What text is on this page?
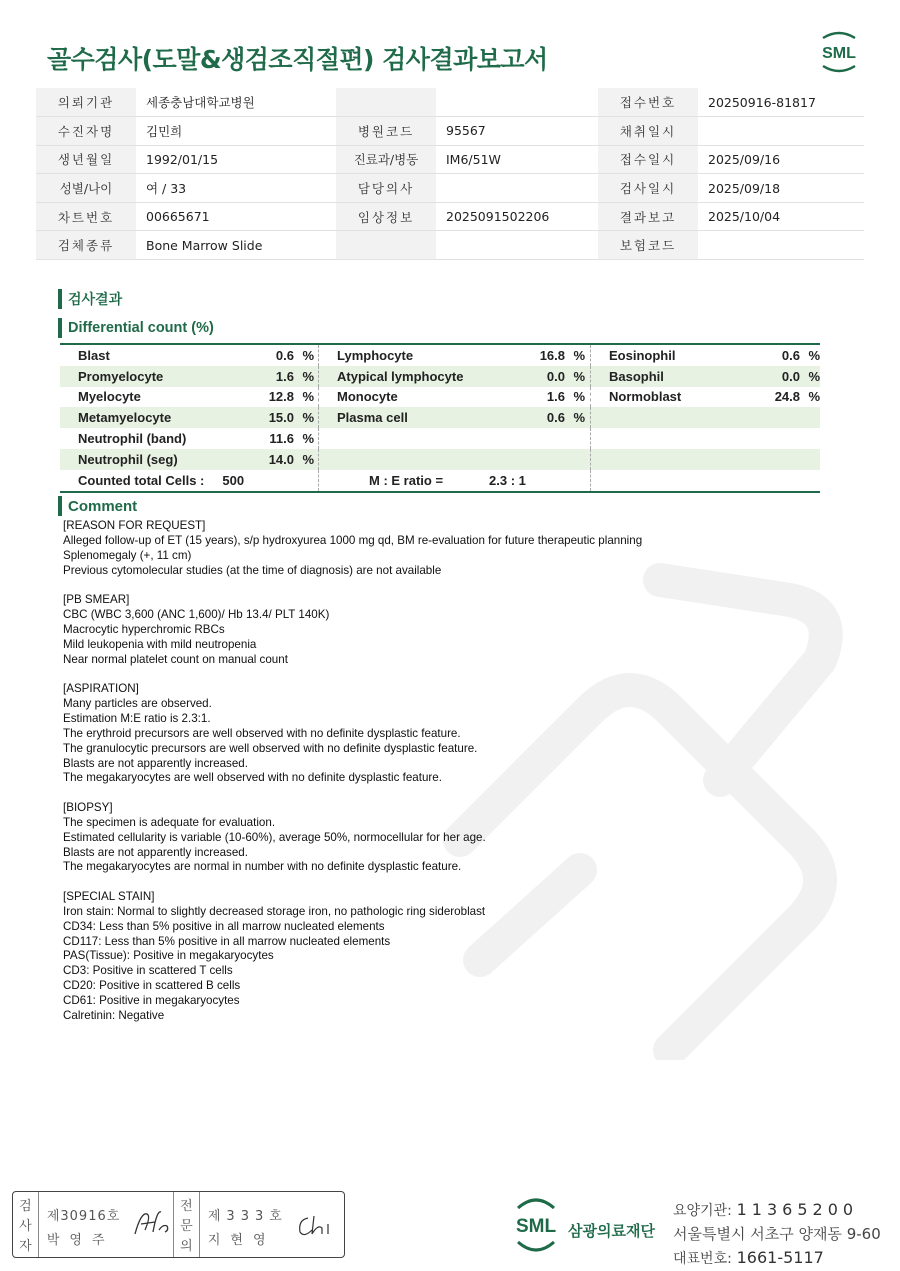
골수검사(도말&생검조직절편) 검사결과보고서	SML
의뢰기관	세종충남대학교병원			접수번호	20250916-81817
수진자명	김민희	병원코드	95567	채취일시	
생년월일	1992/01/15	진료과/병동	IM6/51W	접수일시	2025/09/16
성별/나이	여 / 33	담당의사		검사일시	2025/09/18
차트번호	00665671	임상정보	2025091502206	결과보고	2025/10/04
검체종류	Bone Marrow Slide			보험코드	
검사결과
Differential count (%)
Blast	0.6 % Lymphocyte	16.8 % Eosinophil	0.6 %
Promyelocyte	1.6 % Atypical lymphocyte	0.0 % Basophil	0.0 %
Myelocyte	12.8 % Monocyte	1.6 % Normoblast	24.8 %
Metamyelocyte	15.0 % Plasma cell	0.6 %
Neutrophil (band)	11.6 %
Neutrophil (seg)	14.0 %
Counted total Cells : 500	M : E ratio =	2.3 : 1
Comment
[REASON FOR REQUEST]
Alleged follow-up of ET (15 years), s/p hydroxyurea 1000 mg qd, BM re-evaluation for future therapeutic planning
Splenomegaly (+, 11 cm)
Previous cytomolecular studies (at the time of diagnosis) are not available
[PB SMEAR]
CBC (WBC 3,600 (ANC 1,600)/ Hb 13.4/ PLT 140K)
Macrocytic hyperchromic RBCs
Mild leukopenia with mild neutropenia
Near normal platelet count on manual count
[ASPIRATION]
Many particles are observed.
Estimation M:E ratio is 2.3:1.
The erythroid precursors are well observed with no definite dysplastic feature.
The granulocytic precursors are well observed with no definite dysplastic feature.
Blasts are not apparently increased.
The megakaryocytes are well observed with no definite dysplastic feature.
[BIOPSY]
The specimen is adequate for evaluation.
Estimated cellularity is variable (10-60%), average 50%, normocellular for her age.
Blasts are not apparently increased.
The megakaryocytes are normal in number with no definite dysplastic feature.
[SPECIAL STAIN]
Iron stain: Normal to slightly decreased storage iron, no pathologic ring sideroblast
CD34: Less than 5% positive in all marrow nucleated elements
CD117: Less than 5% positive in all marrow nucleated elements
PAS(Tissue): Positive in megakaryocytes
CD3: Positive in scattered T cells
CD20: Positive in scattered B cells
CD61: Positive in megakaryocytes
Calretinin: Negative
검
사
자
제30916호
박영주
전
문
의
제333호
지현영
SML 삼광의료재단
요양기관: 11365200
서울특별시 서초구 양재동 9-60
대표번호: 1661-5117
